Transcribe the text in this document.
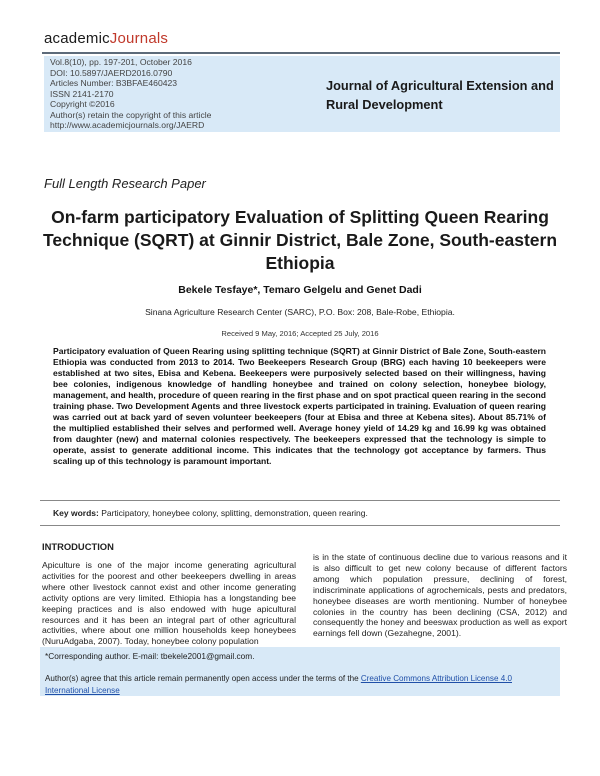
academicJournals
Vol.8(10), pp. 197-201, October 2016
DOI: 10.5897/JAERD2016.0790
Articles Number: B3BFAE460423
ISSN 2141-2170
Copyright ©2016
Author(s) retain the copyright of this article
http://www.academicjournals.org/JAERD
Journal of Agricultural Extension and Rural Development
Full Length Research Paper
On-farm participatory Evaluation of Splitting Queen Rearing Technique (SQRT) at Ginnir District, Bale Zone, South-eastern Ethiopia
Bekele Tesfaye*, Temaro Gelgelu and Genet Dadi
Sinana Agriculture Research Center (SARC), P.O. Box: 208, Bale-Robe, Ethiopia.
Received 9 May, 2016; Accepted 25 July, 2016
Participatory evaluation of Queen Rearing using splitting technique (SQRT) at Ginnir District of Bale Zone, South-eastern Ethiopia was conducted from 2013 to 2014. Two Beekeepers Research Group (BRG) each having 10 beekeepers were established at two sites, Ebisa and Kebena. Beekeepers were purposively selected based on their willingness, having bee colonies, indigenous knowledge of handling honeybee and trained on colony selection, honeybee biology, management, and health, procedure of queen rearing in the first phase and on spot practical queen rearing in the second training phase. Two Development Agents and three livestock experts participated in training. Evaluation of queen rearing was carried out at back yard of seven volunteer beekeepers (four at Ebisa and three at Kebena sites). About 85.71% of the multiplied established their selves and performed well. Average honey yield of 14.29 kg and 16.99 kg was obtained from daughter (new) and maternal colonies respectively. The beekeepers expressed that the technology is simple to operate, assist to generate additional income. This indicates that the technology got acceptance by farmers. Thus scaling up of this technology is paramount important.
Key words: Participatory, honeybee colony, splitting, demonstration, queen rearing.
INTRODUCTION
Apiculture is one of the major income generating agricultural activities for the poorest and other beekeepers dwelling in areas where other livestock cannot exist and other income generating activity options are very limited. Ethiopia has a longstanding bee keeping practices and is also endowed with huge apicultural resources and it has been an integral part of other agricultural activities, where about one million households keep honeybees (NuruAdgaba, 2007). Today, honeybee colony population
is in the state of continuous decline due to various reasons and it is also difficult to get new colony because of different factors among which population pressure, declining of forest, indiscriminate applications of agrochemicals, pests and predators, honeybee diseases are worth mentioning. Number of honeybee colonies in the country has been declining (CSA, 2012) and consequently the honey and beeswax production as well as export earnings fell down (Gezahegne, 2001).
*Corresponding author. E-mail: tbekele2001@gmail.com.
Author(s) agree that this article remain permanently open access under the terms of the Creative Commons Attribution License 4.0 International License
